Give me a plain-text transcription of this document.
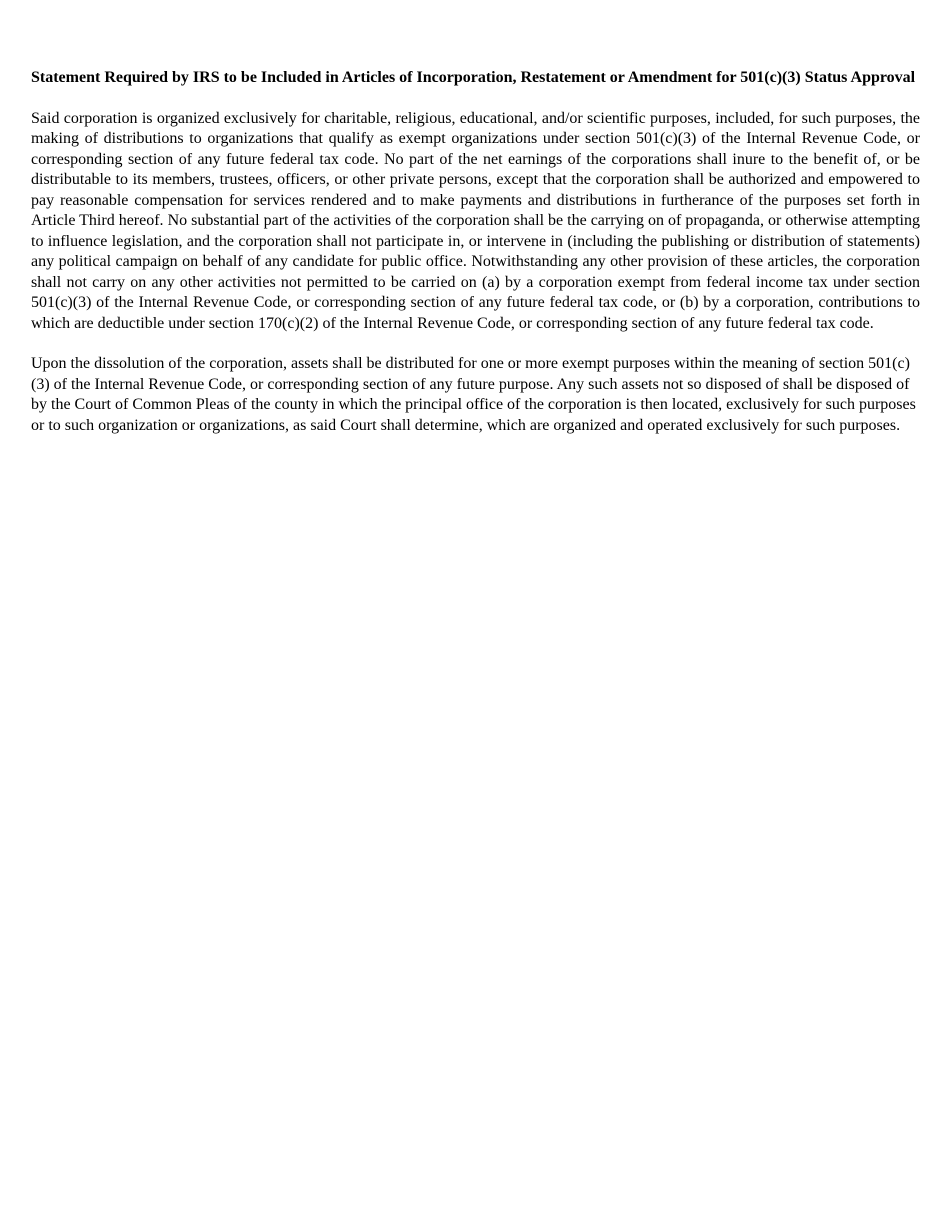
Statement Required by IRS to be Included in Articles of Incorporation, Restatement or Amendment for 501(c)(3) Status Approval

Said corporation is organized exclusively for charitable, religious, educational, and/or scientific purposes, included, for such purposes, the making of distributions to organizations that qualify as exempt organizations under section 501(c)(3) of the Internal Revenue Code, or corresponding section of any future federal tax code. No part of the net earnings of the corporations shall inure to the benefit of, or be distributable to its members, trustees, officers, or other private persons, except that the corporation shall be authorized and empowered to pay reasonable compensation for services rendered and to make payments and distributions in furtherance of the purposes set forth in Article Third hereof. No substantial part of the activities of the corporation shall be the carrying on of propaganda, or otherwise attempting to influence legislation, and the corporation shall not participate in, or intervene in (including the publishing or distribution of statements) any political campaign on behalf of any candidate for public office. Notwithstanding any other provision of these articles, the corporation shall not carry on any other activities not permitted to be carried on (a) by a corporation exempt from federal income tax under section 501(c)(3) of the Internal Revenue Code, or corresponding section of any future federal tax code, or (b) by a corporation, contributions to which are deductible under section 170(c)(2) of the Internal Revenue Code, or corresponding section of any future federal tax code.

Upon the dissolution of the corporation, assets shall be distributed for one or more exempt purposes within the meaning of section 501(c)(3) of the Internal Revenue Code, or corresponding section of any future purpose. Any such assets not so disposed of shall be disposed of by the Court of Common Pleas of the county in which the principal office of the corporation is then located, exclusively for such purposes or to such organization or organizations, as said Court shall determine, which are organized and operated exclusively for such purposes.
